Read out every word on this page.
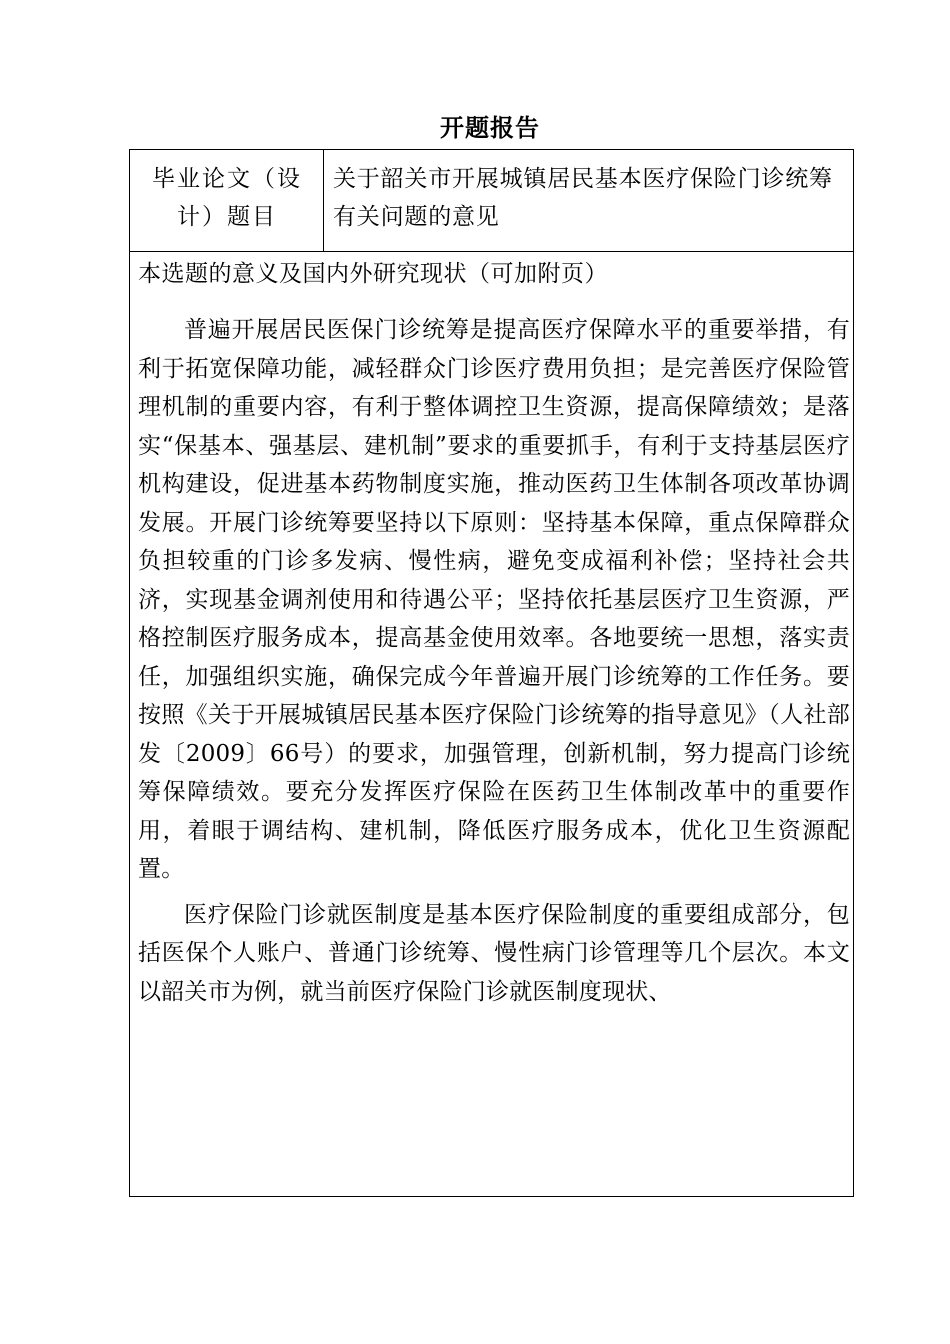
开题报告
毕业论文（设计）题目
关于韶关市开展城镇居民基本医疗保险门诊统筹有关问题的意见
本选题的意义及国内外研究现状（可加附页）

普遍开展居民医保门诊统筹是提高医疗保障水平的重要举措，有利于拓宽保障功能，减轻群众门诊医疗费用负担；是完善医疗保险管理机制的重要内容，有利于整体调控卫生资源，提高保障绩效；是落实“保基本、强基层、建机制”要求的重要抓手，有利于支持基层医疗机构建设，促进基本药物制度实施，推动医药卫生体制各项改革协调发展。开展门诊统筹要坚持以下原则：坚持基本保障，重点保障群众负担较重的门诊多发病、慢性病，避免变成福利补偿；坚持社会共济，实现基金调剂使用和待遇公平；坚持依托基层医疗卫生资源，严格控制医疗服务成本，提高基金使用效率。各地要统一思想，落实责任，加强组织实施，确保完成今年普遍开展门诊统筹的工作任务。要按照《关于开展城镇居民基本医疗保险门诊统筹的指导意见》（人社部发〔2009〕66号）的要求，加强管理，创新机制，努力提高门诊统筹保障绩效。要充分发挥医疗保险在医药卫生体制改革中的重要作用，着眼于调结构、建机制，降低医疗服务成本，优化卫生资源配置。

医疗保险门诊就医制度是基本医疗保险制度的重要组成部分，包括医保个人账户、普通门诊统筹、慢性病门诊管理等几个层次。本文以韶关市为例，就当前医疗保险门诊就医制度现状、
